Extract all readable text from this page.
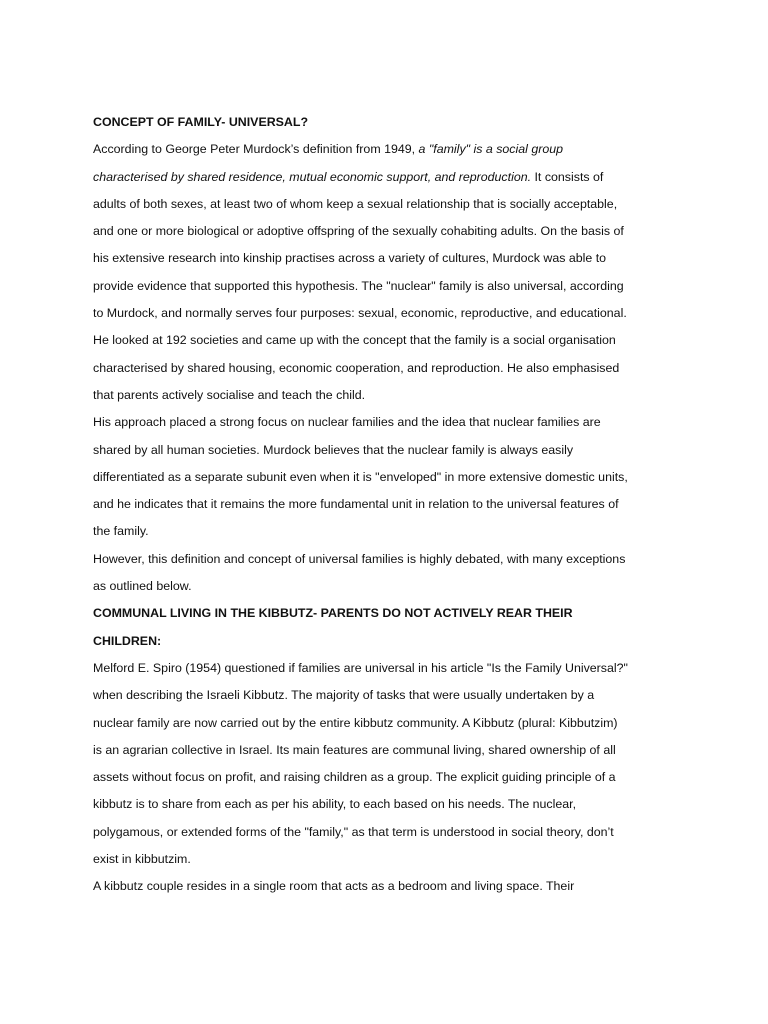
CONCEPT OF FAMILY- UNIVERSAL?

According to George Peter Murdock’s definition from 1949, a "family" is a social group characterised by shared residence, mutual economic support, and reproduction. It consists of adults of both sexes, at least two of whom keep a sexual relationship that is socially acceptable, and one or more biological or adoptive offspring of the sexually cohabiting adults. On the basis of his extensive research into kinship practises across a variety of cultures, Murdock was able to provide evidence that supported this hypothesis. The "nuclear" family is also universal, according to Murdock, and normally serves four purposes: sexual, economic, reproductive, and educational. He looked at 192 societies and came up with the concept that the family is a social organisation characterised by shared housing, economic cooperation, and reproduction. He also emphasised that parents actively socialise and teach the child.

His approach placed a strong focus on nuclear families and the idea that nuclear families are shared by all human societies. Murdock believes that the nuclear family is always easily differentiated as a separate subunit even when it is "enveloped" in more extensive domestic units, and he indicates that it remains the more fundamental unit in relation to the universal features of the family.

However, this definition and concept of universal families is highly debated, with many exceptions as outlined below.

COMMUNAL LIVING IN THE KIBBUTZ- PARENTS DO NOT ACTIVELY REAR THEIR CHILDREN:

Melford E. Spiro (1954) questioned if families are universal in his article "Is the Family Universal?" when describing the Israeli Kibbutz. The majority of tasks that were usually undertaken by a nuclear family are now carried out by the entire kibbutz community. A Kibbutz (plural: Kibbutzim) is an agrarian collective in Israel. Its main features are communal living, shared ownership of all assets without focus on profit, and raising children as a group. The explicit guiding principle of a kibbutz is to share from each as per his ability, to each based on his needs. The nuclear, polygamous, or extended forms of the "family," as that term is understood in social theory, don’t exist in kibbutzim.

A kibbutz couple resides in a single room that acts as a bedroom and living space. Their
